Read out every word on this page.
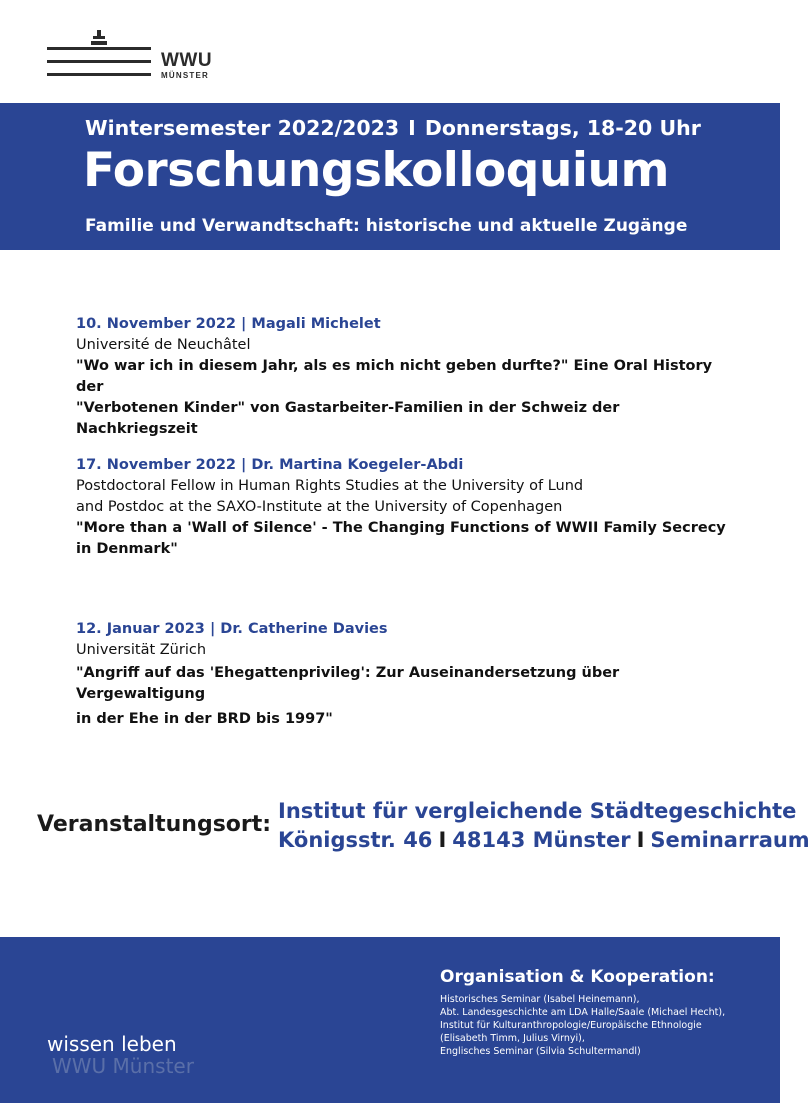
WWU
MÜNSTER
Wintersemester 2022/2023 I Donnerstags, 18-20 Uhr
Forschungskolloquium
Familie und Verwandtschaft: historische und aktuelle Zugänge
10. November 2022 | Magali Michelet
Université de Neuchâtel
"Wo war ich in diesem Jahr, als es mich nicht geben durfte?" Eine Oral History der
"Verbotenen Kinder" von Gastarbeiter-Familien in der Schweiz der Nachkriegszeit
17. November 2022 | Dr. Martina Koegeler-Abdi
Postdoctoral Fellow in Human Rights Studies at the University of Lund
and Postdoc at the SAXO-Institute at the University of Copenhagen
"More than a 'Wall of Silence' - The Changing Functions of WWII Family Secrecy
in Denmark"
12. Januar 2023 | Dr. Catherine Davies
Universität Zürich
"Angriff auf das 'Ehegattenprivileg': Zur Auseinandersetzung über Vergewaltigung
in der Ehe in der BRD bis 1997"
Veranstaltungsort:
Institut für vergleichende Städtegeschichte
Königsstr. 46 I 48143 Münster I Seminarraum
wissen leben
WWU Münster
Organisation & Kooperation:
Historisches Seminar (Isabel Heinemann),
Abt. Landesgeschichte am LDA Halle/Saale (Michael Hecht),
Institut für Kulturanthropologie/Europäische Ethnologie
(Elisabeth Timm, Julius Virnyi),
Englisches Seminar (Silvia Schultermandl)
